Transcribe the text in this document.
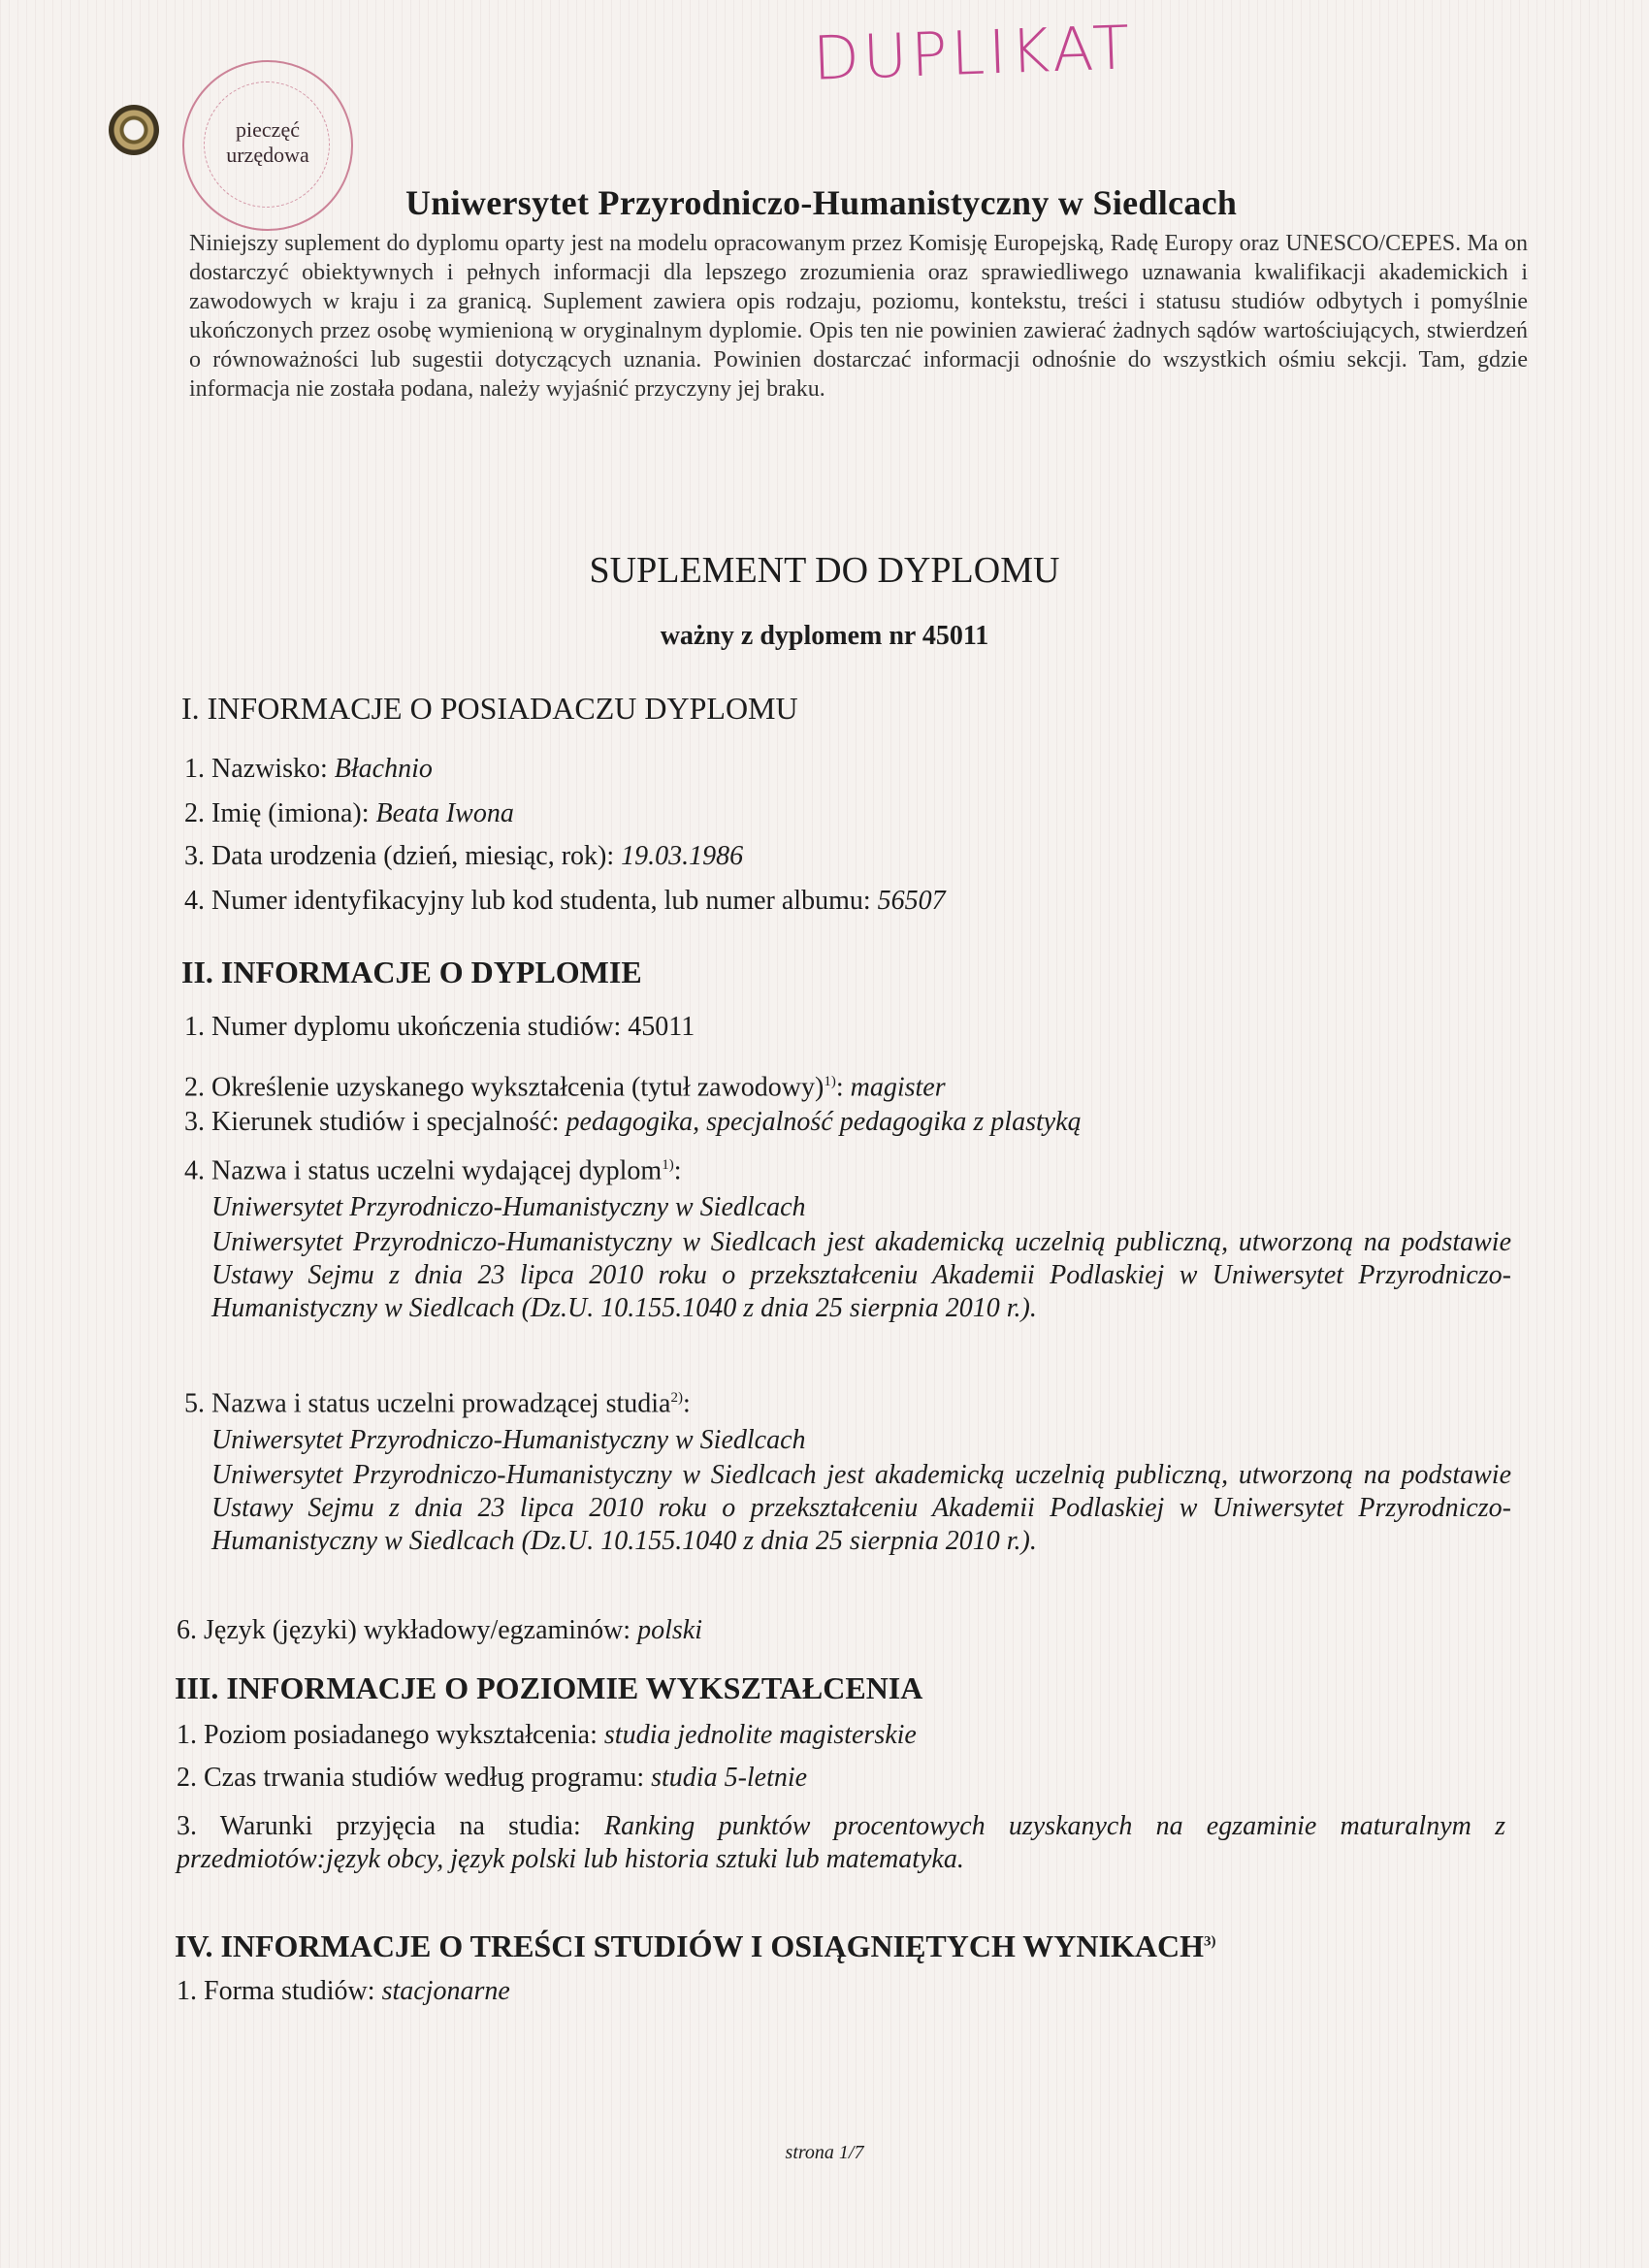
pieczęć
urzędowa
DUPLIKAT
Uniwersytet Przyrodniczo-Humanistyczny w Siedlcach
Niniejszy suplement do dyplomu oparty jest na modelu opracowanym przez Komisję Europejską, Radę Europy oraz UNESCO/CEPES. Ma on dostarczyć obiektywnych i pełnych informacji dla lepszego zrozumienia oraz sprawiedliwego uznawania kwalifikacji akademickich i zawodowych w kraju i za granicą. Suplement zawiera opis rodzaju, poziomu, kontekstu, treści i statusu studiów odbytych i pomyślnie ukończonych przez osobę wymienioną w oryginalnym dyplomie. Opis ten nie powinien zawierać żadnych sądów wartościujących, stwierdzeń o równoważności lub sugestii dotyczących uznania. Powinien dostarczać informacji odnośnie do wszystkich ośmiu sekcji. Tam, gdzie informacja nie została podana, należy wyjaśnić przyczyny jej braku.
SUPLEMENT DO DYPLOMU
ważny z dyplomem nr 45011
I. INFORMACJE O POSIADACZU DYPLOMU
1. Nazwisko: Błachnio
2. Imię (imiona): Beata Iwona
3. Data urodzenia (dzień, miesiąc, rok): 19.03.1986
4. Numer identyfikacyjny lub kod studenta, lub numer albumu: 56507
II. INFORMACJE O DYPLOMIE
1. Numer dyplomu ukończenia studiów: 45011
2. Określenie uzyskanego wykształcenia (tytuł zawodowy)$^{1)}$: magister
3. Kierunek studiów i specjalność: pedagogika, specjalność pedagogika z plastyką
4. Nazwa i status uczelni wydającej dyplom$^{1)}$:
Uniwersytet Przyrodniczo-Humanistyczny w Siedlcach
Uniwersytet Przyrodniczo-Humanistyczny w Siedlcach jest akademicką uczelnią publiczną, utworzoną na podstawie Ustawy Sejmu z dnia 23 lipca 2010 roku o przekształceniu Akademii Podlaskiej w Uniwersytet Przyrodniczo-Humanistyczny w Siedlcach (Dz.U. 10.155.1040 z dnia 25 sierpnia 2010 r.).
5. Nazwa i status uczelni prowadzącej studia$^{2)}$:
Uniwersytet Przyrodniczo-Humanistyczny w Siedlcach
Uniwersytet Przyrodniczo-Humanistyczny w Siedlcach jest akademicką uczelnią publiczną, utworzoną na podstawie Ustawy Sejmu z dnia 23 lipca 2010 roku o przekształceniu Akademii Podlaskiej w Uniwersytet Przyrodniczo-Humanistyczny w Siedlcach (Dz.U. 10.155.1040 z dnia 25 sierpnia 2010 r.).
6. Język (języki) wykładowy/egzaminów: polski
III. INFORMACJE O POZIOMIE WYKSZTAŁCENIA
1. Poziom posiadanego wykształcenia: studia jednolite magisterskie
2. Czas trwania studiów według programu: studia 5-letnie
3. Warunki przyjęcia na studia: Ranking punktów procentowych uzyskanych na egzaminie maturalnym z przedmiotów:język obcy, język polski lub historia sztuki lub matematyka.
IV. INFORMACJE O TREŚCI STUDIÓW I OSIĄGNIĘTYCH WYNIKACH$^{3)}$
1. Forma studiów: stacjonarne
strona 1/7
